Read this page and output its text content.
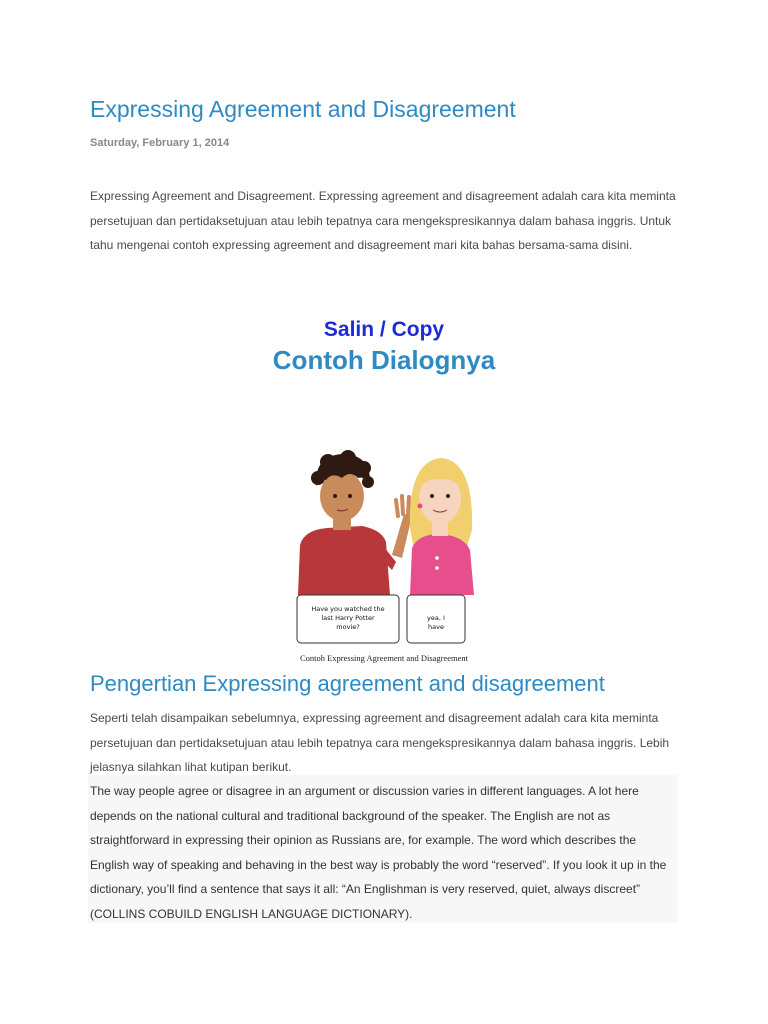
Expressing Agreement and Disagreement
Saturday, February 1, 2014

Expressing Agreement and Disagreement. Expressing agreement and disagreement adalah cara kita meminta persetujuan dan pertidaksetujuan atau lebih tepatnya cara mengekspresikannya dalam bahasa inggris. Untuk tahu mengenai contoh expressing agreement and disagreement mari kita bahas bersama-sama disini.

Salin / Copy
Contoh Dialognya
Have you watched the
last Harry Potter
movie?
yea, I
have
Contoh Expressing Agreement and Disagreement
Pengertian Expressing agreement and disagreement

Seperti telah disampaikan sebelumnya, expressing agreement and disagreement adalah cara kita meminta persetujuan dan pertidaksetujuan atau lebih tepatnya cara mengekspresikannya dalam bahasa inggris. Lebih jelasnya silahkan lihat kutipan berikut.

The way people agree or disagree in an argument or discussion varies in different languages. A lot here depends on the national cultural and traditional background of the speaker. The English are not as straightforward in expressing their opinion as Russians are, for example. The word which describes the English way of speaking and behaving in the best way is probably the word “reserved”. If you look it up in the dictionary, you’ll find a sentence that says it all: “An Englishman is very reserved, quiet, always discreet” (COLLINS COBUILD ENGLISH LANGUAGE DICTIONARY).
